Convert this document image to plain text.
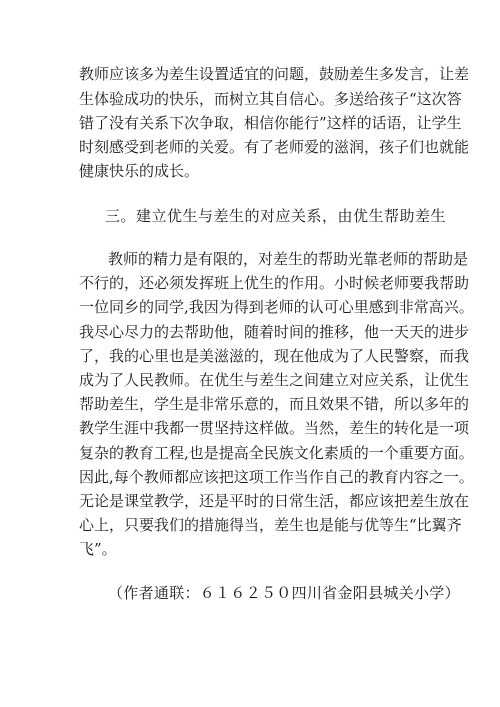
教师应该多为差生设置适宜的问题，鼓励差生多发言，让差
生体验成功的快乐，而树立其自信心。多送给孩子“这次答
错了没有关系下次争取，相信你能行”这样的话语，让学生
时刻感受到老师的关爱。有了老师爱的滋润，孩子们也就能
健康快乐的成长。
三。建立优生与差生的对应关系，由优生帮助差生
教师的精力是有限的，对差生的帮助光靠老师的帮助是
不行的，还必须发挥班上优生的作用。小时候老师要我帮助
一位同乡的同学,我因为得到老师的认可心里感到非常高兴。
我尽心尽力的去帮助他，随着时间的推移，他一天天的进步
了，我的心里也是美滋滋的，现在他成为了人民警察，而我
成为了人民教师。在优生与差生之间建立对应关系，让优生
帮助差生，学生是非常乐意的，而且效果不错，所以多年的
教学生涯中我都一贯坚持这样做。当然，差生的转化是一项
复杂的教育工程,也是提高全民族文化素质的一个重要方面。
因此,每个教师都应该把这项工作当作自己的教育内容之一。
无论是课堂教学，还是平时的日常生活，都应该把差生放在
心上，只要我们的措施得当，差生也是能与优等生“比翼齐
飞”。
（作者通联：６１６２５０四川省金阳县城关小学）
